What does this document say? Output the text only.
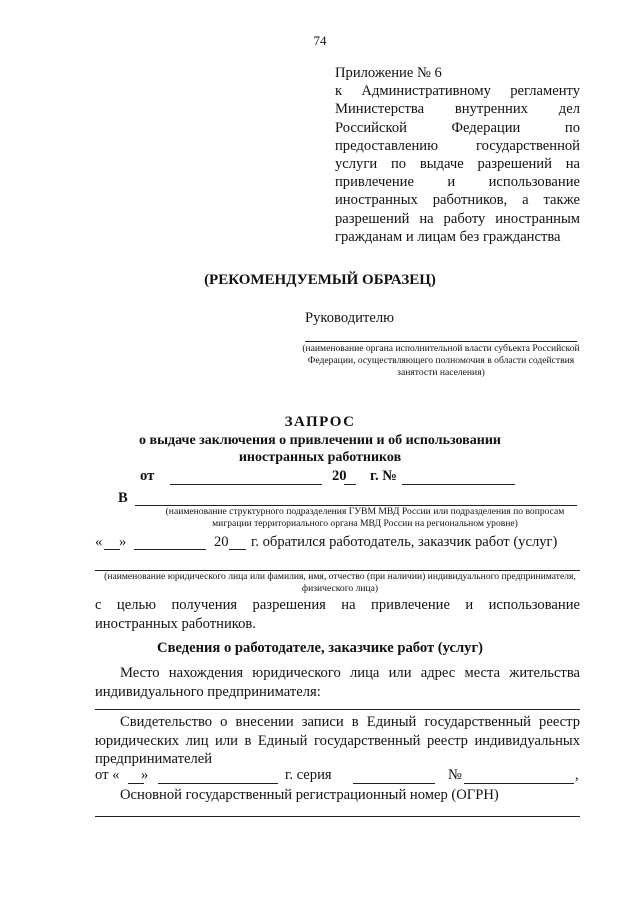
74
Приложение № 6
к Административному регламенту
Министерства внутренних дел
Российской Федерации по
предоставлению государственной
услуги по выдаче разрешений на
привлечение и использование
иностранных работников, а также
разрешений на работу иностранным
гражданам и лицам без гражданства
(РЕКОМЕНДУЕМЫЙ ОБРАЗЕЦ)
Руководителю
(наименование органа исполнительной власти субъекта Российской Федерации, осуществляющего полномочия в области содействия занятости населения)
ЗАПРОС
о выдаче заключения о привлечении и об использовании иностранных работников
от	20 г. №
В
(наименование структурного подразделения ГУВМ МВД России или подразделения по вопросам миграции территориального органа МВД России на региональном уровне)
« »	20 г. обратился работодатель, заказчик работ (услуг)
(наименование юридического лица или фамилия, имя, отчество (при наличии) индивидуального предпринимателя, физического лица)
с целью получения разрешения на привлечение и использование
иностранных работников.
Сведения о работодателе, заказчике работ (услуг)
Место нахождения юридического лица или адрес места жительства
индивидуального предпринимателя:
Свидетельство о внесении записи в Единый государственный реестр
юридических лиц или в Единый государственный реестр индивидуальных
предпринимателей
от « »	г. серия	№	,
Основной государственный регистрационный номер (ОГРН)
